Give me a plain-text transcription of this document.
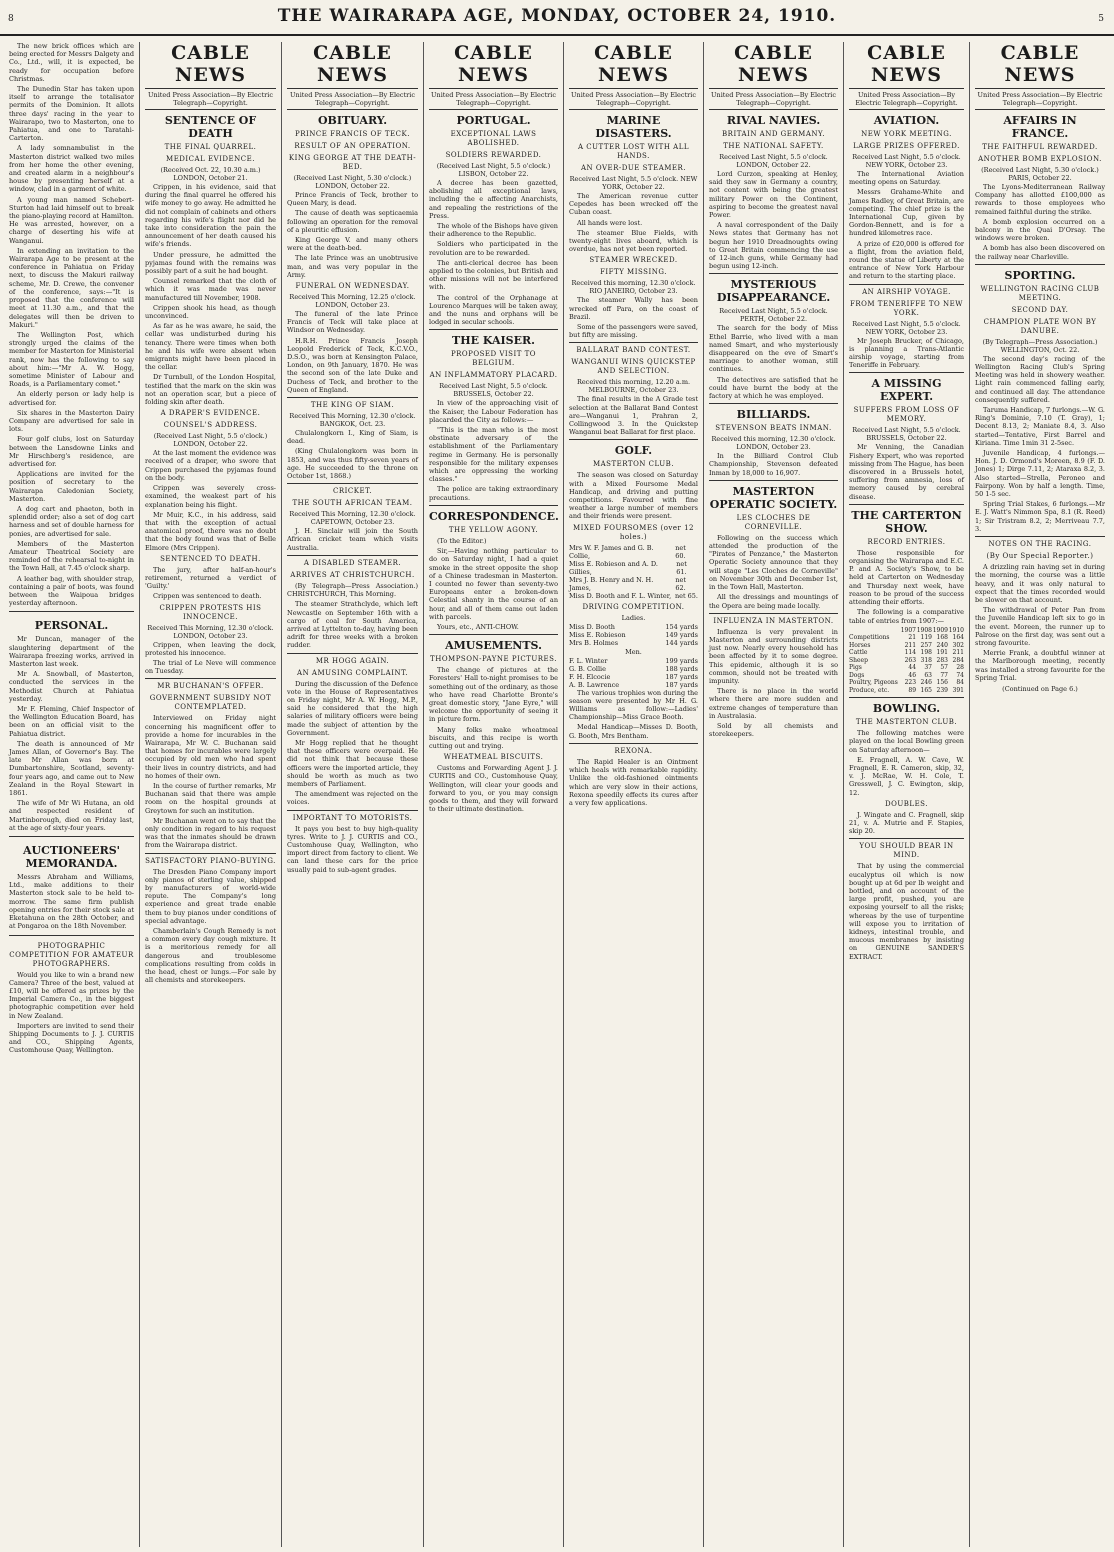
8	THE WAIRARAPA AGE, MONDAY, OCTOBER 24, 1910.	5

The new brick offices which are being erected for Messrs Dalgety and Co., Ltd., will, it is expected, be ready for occupation before Christmas.

The Dunedin Star has taken upon itself to arrange the totalisator permits of the Dominion. It allots three days' racing in the year to Wairarapo, two to Masterton, one to Pahiatua, and one to Taratahi-Carterton.

A lady somnambulist in the Masterton district walked two miles from her home the other evening, and created alarm in a neighbour's house by presenting herself at a window, clad in a garment of white.

A young man named Schebert-Sturton had laid himself out to break the piano-playing record at Hamilton. He was arrested, however, on a charge of deserting his wife at Wanganui.

In extending an invitation to the Wairarapa Age to be present at the conference in Pahiatua on Friday next, to discuss the Makuri railway scheme, Mr. D. Crewe, the convener of the conference, says:—"It is proposed that the conference will meet at 11.30 a.m., and that the delegates will then be driven to Makuri."

The Wellington Post, which strongly urged the claims of the member for Masterton for Ministerial rank, now has the following to say about him:—"Mr A. W. Hogg, sometime Minister of Labour and Roads, is a Parliamentary comet."

An elderly person or lady help is advertised for.

Six shares in the Masterton Dairy Company are advertised for sale in lots.

Four golf clubs, lost on Saturday between the Lansdowne Links and Mr Hirschberg's residence, are advertised for.

Applications are invited for the position of secretary to the Wairarapa Caledonian Society, Masterton.

A dog cart and phaeton, both in splendid order; also a set of dog cart harness and set of double harness for ponies, are advertised for sale.

Members of the Masterton Amateur Theatrical Society are reminded of the rehearsal to-night in the Town Hall, at 7.45 o'clock sharp.

A leather bag, with shoulder strap, containing a pair of boots, was found between the Waipoua bridges yesterday afternoon.

PERSONAL.

Mr Duncan, manager of the slaughtering department of the Wairarapa freezing works, arrived in Masterton last week.

Mr A. Snowball, of Masterton, conducted the services in the Methodist Church at Pahiatua yesterday.

Mr F. Fleming, Chief Inspector of the Wellington Education Board, has been on an official visit to the Pahiatua district.

The death is announced of Mr James Allan, of Governor's Bay. The late Mr Allan was born at Dumbartonshire, Scotland, seventy-four years ago, and came out to New Zealand in the Royal Stewart in 1861.

The wife of Mr Wi Hutana, an old and respected resident of Martinborough, died on Friday last, at the age of sixty-four years.

AUCTIONEERS' MEMORANDA.

Messrs Abraham and Williams, Ltd., make additions to their Masterton stock sale to be held to-morrow. The same firm publish opening entries for their stock sale at Eketahuna on the 28th October, and at Pongaroa on the 18th November.

PHOTOGRAPHIC COMPETITION FOR AMATEUR PHOTOGRAPHERS.

Would you like to win a brand new Camera? Three of the best, valued at £10, will be offered as prizes by the Imperial Camera Co., in the biggest photographic competition ever held in New Zealand.

Importers are invited to send their Shipping Documents to J. J. CURTIS and CO., Shipping Agents, Customhouse Quay, Wellington.

CABLE NEWS
United Press Association—By Electric Telegraph—Copyright.
SENTENCE OF DEATH
THE FINAL QUARREL.
MEDICAL EVIDENCE.
(Received Oct. 22, 10.30 a.m.) LONDON, October 21.

Crippen, in his evidence, said that during the final quarrel he offered his wife money to go away. He admitted he did not complain of cabinets and others regarding his wife's flight nor did he take into consideration the pain the announcement of her death caused his wife's friends.

Under pressure, he admitted the pyjamas found with the remains was possibly part of a suit he had bought.

Counsel remarked that the cloth of which it was made was never manufactured till November, 1908.

Crippen shook his head, as though unconvinced.

As far as he was aware, he said, the cellar was undisturbed during his tenancy. There were times when both he and his wife were absent when emigrants might have been placed in the cellar.

Dr Turnbull, of the London Hospital, testified that the mark on the skin was not an operation scar, but a piece of folding skin after death.

A DRAPER'S EVIDENCE.
COUNSEL'S ADDRESS.
(Received Last Night, 5.5 o'clock.) LONDON, October 22.

At the last moment the evidence was received of a draper, who swore that Crippen purchased the pyjamas found on the body.

Crippen was severely cross-examined, the weakest part of his explanation being his flight.

Mr Muir, K.C., in his address, said that with the exception of actual anatomical proof, there was no doubt that the body found was that of Belle Elmore (Mrs Crippen).

SENTENCED TO DEATH.

The jury, after half-an-hour's retirement, returned a verdict of 'Guilty.'

Crippen was sentenced to death.

CRIPPEN PROTESTS HIS INNOCENCE.
Received This Morning, 12.30 o'clock. LONDON, October 23.

Crippen, when leaving the dock, protested his innocence.

The trial of Le Neve will commence on Tuesday.

MR BUCHANAN'S OFFER.
GOVERNMENT SUBSIDY NOT CONTEMPLATED.

Interviewed on Friday night concerning his magnificent offer to provide a home for incurables in the Wairarapa, Mr W. C. Buchanan said that homes for incurables were largely occupied by old men who had spent their lives in country districts, and had no homes of their own.

In the course of further remarks, Mr Buchanan said that there was ample room on the hospital grounds at Greytown for such an institution.

Mr Buchanan went on to say that the only condition in regard to his request was that the inmates should be drawn from the Wairarapa district.

SATISFACTORY PIANO-BUYING.

The Dresden Piano Company import only pianos of sterling value, shipped by manufacturers of world-wide repute. The Company's long experience and great trade enable them to buy pianos under conditions of special advantage.

Chamberlain's Cough Remedy is not a common every day cough mixture. It is a meritorious remedy for all dangerous and troublesome complications resulting from colds in the head, chest or lungs.—For sale by all chemists and storekeepers.

CABLE NEWS
United Press Association—By Electric Telegraph—Copyright.
OBITUARY.
PRINCE FRANCIS OF TECK.
RESULT OF AN OPERATION.
KING GEORGE AT THE DEATH-BED.
(Received Last Night, 5.30 o'clock.) LONDON, October 22.

Prince Francis of Teck, brother to Queen Mary, is dead.

The cause of death was septicaemia following an operation for the removal of a pleuritic effusion.

King George V. and many others were at the death-bed.

The late Prince was an unobtrusive man, and was very popular in the Army.

FUNERAL ON WEDNESDAY.
Received This Morning, 12.25 o'clock. LONDON, October 23.

The funeral of the late Prince Francis of Teck will take place at Windsor on Wednesday.

H.R.H. Prince Francis Joseph Leopold Frederick of Teck, K.C.V.O., D.S.O., was born at Kensington Palace, London, on 9th January, 1870. He was the second son of the late Duke and Duchess of Teck, and brother to the Queen of England.

THE KING OF SIAM.
Received This Morning, 12.30 o'clock. BANGKOK, Oct. 23.

Chulalongkorn I., King of Siam, is dead.

(King Chulalongkorn was born in 1853, and was thus fifty-seven years of age. He succeeded to the throne on October 1st, 1868.)

CRICKET.
THE SOUTH AFRICAN TEAM.
Received This Morning, 12.30 o'clock. CAPETOWN, October 23.

J. H. Sinclair will join the South African cricket team which visits Australia.

A DISABLED STEAMER.
ARRIVES AT CHRISTCHURCH.

(By Telegraph—Press Association.) CHRISTCHURCH, This Morning.

The steamer Strathclyde, which left Newcastle on September 16th with a cargo of coal for South America, arrived at Lyttelton to-day, having been adrift for three weeks with a broken rudder.

MR HOGG AGAIN.
AN AMUSING COMPLAINT.

During the discussion of the Defence vote in the House of Representatives on Friday night, Mr A. W. Hogg, M.P., said he considered that the high salaries of military officers were being made the subject of attention by the Government.

Mr Hogg replied that he thought that these officers were overpaid. He did not think that because these officers were the imported article, they should be worth as much as two members of Parliament.

The amendment was rejected on the voices.

IMPORTANT TO MOTORISTS.

It pays you best to buy high-quality tyres. Write to J. J. CURTIS and CO., Customhouse Quay, Wellington, who import direct from factory to client. We can land these cars for the price usually paid to sub-agent grades.

CABLE NEWS
United Press Association—By Electric Telegraph—Copyright.
PORTUGAL.
EXCEPTIONAL LAWS ABOLISHED.
SOLDIERS REWARDED.
(Received Last Night, 5.5 o'clock.) LISBON, October 22.

A decree has been gazetted, abolishing all exceptional laws, including the e affecting Anarchists, and repealing the restrictions of the Press.

The whole of the Bishops have given their adherence to the Republic.

Soldiers who participated in the revolution are to be rewarded.

The anti-clerical decree has been applied to the colonies, but British and other missions will not be interfered with.

The control of the Orphanage at Lourenco Marques will be taken away, and the nuns and orphans will be lodged in secular schools.

THE KAISER.
PROPOSED VISIT TO BELGIUM.
AN INFLAMMATORY PLACARD.
Received Last Night, 5.5 o'clock. BRUSSELS, October 22.

In view of the approaching visit of the Kaiser, the Labour Federation has placarded the City as follows:—

"This is the man who is the most obstinate adversary of the establishment of the Parliamentary regime in Germany. He is personally responsible for the military expenses which are oppressing the working classes."

The police are taking extraordinary precautions.

CORRESPONDENCE.
THE YELLOW AGONY.

(To the Editor.)

Sir,—Having nothing particular to do on Saturday night, I had a quiet smoke in the street opposite the shop of a Chinese tradesman in Masterton. I counted no fewer than seventy-two Europeans enter a broken-down Celestial shanty in the course of an hour, and all of them came out laden with parcels.

Yours, etc., ANTI-CHOW.

AMUSEMENTS.
THOMPSON-PAYNE PICTURES.

The change of pictures at the Foresters' Hall to-night promises to be something out of the ordinary, as those who have read Charlotte Bronte's great domestic story, "Jane Eyre," will welcome the opportunity of seeing it in picture form.

Many folks make wheatmeal biscuits, and this recipe is worth cutting out and trying.

WHEATMEAL BISCUITS.

Customs and Forwarding Agent J. J. CURTIS and CO., Customhouse Quay, Wellington, will clear your goods and forward to you, or you may consign goods to them, and they will forward to their ultimate destination.

CABLE NEWS
United Press Association—By Electric Telegraph—Copyright.
MARINE DISASTERS.
A CUTTER LOST WITH ALL HANDS.
AN OVER-DUE STEAMER.
Received Last Night, 5.5 o'clock. NEW YORK, October 22.

The American revenue cutter Cepedes has been wrecked off the Cuban coast.

All hands were lost.

The steamer Blue Fields, with twenty-eight lives aboard, which is overdue, has not yet been reported.

STEAMER WRECKED.
FIFTY MISSING.
Received this morning, 12.30 o'clock. RIO JANEIRO, October 23.

The steamer Wally has been wrecked off Para, on the coast of Brazil.

Some of the passengers were saved, but fifty are missing.

BALLARAT BAND CONTEST.
WANGANUI WINS QUICKSTEP AND SELECTION.
Received this morning, 12.20 a.m. MELBOURNE, October 23.

The final results in the A Grade test selection at the Ballarat Band Contest are—Wanganui 1, Prahran 2, Collingwood 3. In the Quickstep Wanganui beat Ballarat for first place.

GOLF.
MASTERTON CLUB.

The season was closed on Saturday with a Mixed Foursome Medal Handicap, and driving and putting competitions. Favoured with fine weather a large number of members and their friends were present.

MIXED FOURSOMES (over 12 holes.)
Mrs W. F. James and G. B. Collie,
net 60.
Miss E. Robieson and A. D. Gillies,
net 61.
Mrs J. B. Henry and N. H. James,
net 62.
Miss D. Booth and F. L. Winter, net 65.
DRIVING COMPETITION.
Ladies.
Miss D. Booth	154 yards
Miss E. Robieson	149 yards
Mrs B. Holmes	144 yards
Men.
F. L. Winter	199 yards
G. B. Collie	188 yards
F. H. Elcocie	187 yards
A. B. Lawrence	187 yards

The various trophies won during the season were presented by Mr H. G. Williams as follow:—Ladies' Championship—Miss Grace Booth.

Medal Handicap—Misses D. Booth, G. Booth, Mrs Bentham.

REXONA.

The Rapid Healer is an Ointment which heals with remarkable rapidity. Unlike the old-fashioned ointments which are very slow in their actions, Rexona speedily effects its cures after a very few applications.

CABLE NEWS
United Press Association—By Electric Telegraph—Copyright.
RIVAL NAVIES.
BRITAIN AND GERMANY.
THE NATIONAL SAFETY.
Received Last Night, 5.5 o'clock. LONDON, October 22.

Lord Curzon, speaking at Henley, said they saw in Germany a country, not content with being the greatest military Power on the Continent, aspiring to become the greatest naval Power.

A naval correspondent of the Daily News states that Germany has not begun her 1910 Dreadnoughts owing to Great Britain commencing the use of 12-inch guns, while Germany had begun using 12-inch.

MYSTERIOUS DISAPPEARANCE.
Received Last Night, 5.5 o'clock. PERTH, October 22.

The search for the body of Miss Ethel Barrie, who lived with a man named Smart, and who mysteriously disappeared on the eve of Smart's marriage to another woman, still continues.

The detectives are satisfied that he could have burnt the body at the factory at which he was employed.

BILLIARDS.
STEVENSON BEATS INMAN.
Received this morning, 12.30 o'clock. LONDON, October 23.

In the Billiard Control Club Championship, Stevenson defeated Inman by 18,000 to 16,907.

MASTERTON OPERATIC SOCIETY.
LES CLOCHES DE CORNEVILLE.

Following on the success which attended the production of the "Pirates of Penzance," the Masterton Operatic Society announce that they will stage "Les Cloches de Corneville" on November 30th and December 1st, in the Town Hall, Masterton.

All the dressings and mountings of the Opera are being made locally.

INFLUENZA IN MASTERTON.

Influenza is very prevalent in Masterton and surrounding districts just now. Nearly every household has been affected by it to some degree. This epidemic, although it is so common, should not be treated with impunity.

There is no place in the world where there are more sudden and extreme changes of temperature than in Australasia.

Sold by all chemists and storekeepers.

CABLE NEWS
United Press Association—By Electric Telegraph—Copyright.
AVIATION.
NEW YORK MEETING.
LARGE PRIZES OFFERED.
Received Last Night, 5.5 o'clock. NEW YORK, October 23.

The International Aviation meeting opens on Saturday.

Messrs Grahame-White and James Radley, of Great Britain, are competing. The chief prize is the International Cup, given by Gordon-Bennett, and is for a hundred kilometres race.

A prize of £20,000 is offered for a flight, from the aviation field, round the statue of Liberty at the entrance of New York Harbour and return to the starting place.

AN AIRSHIP VOYAGE.
FROM TENERIFFE TO NEW YORK.
Received Last Night, 5.5 o'clock. NEW YORK, October 23.

Mr Joseph Brucker, of Chicago, is planning a Trans-Atlantic airship voyage, starting from Teneriffe in February.

A MISSING EXPERT.
SUFFERS FROM LOSS OF MEMORY.
Received Last Night, 5.5 o'clock. BRUSSELS, October 22.

Mr Venning, the Canadian Fishery Expert, who was reported missing from The Hague, has been discovered in a Brussels hotel, suffering from amnesia, loss of memory caused by cerebral disease.

THE CARTERTON SHOW.
RECORD ENTRIES.

Those responsible for organising the Wairarapa and E.C. P. and A. Society's Show, to be held at Carterton on Wednesday and Thursday next week, have reason to be proud of the success attending their efforts.

The following is a comparative table of entries from 1907:—

	1907	1908	1909	1910
Competitions	21	119	168	164
Horses	211	257	240	302
Cattle	114	198	191	211
Sheep	263	318	283	284
Pigs	44	37	57	28
Dogs	46	63	77	74
Poultry, Pigeons	223	246	156	84
Produce, etc.	89	165	239	391
BOWLING.
THE MASTERTON CLUB.

The following matches were played on the local Bowling green on Saturday afternoon—

E. Fragnell, A. W. Cave, W. Fragnell, E. R. Cameron, skip, 32, v. J. McRae, W. H. Cole, T. Gresswell, J. C. Ewington, skip, 12.

DOUBLES.

J. Wingate and C. Fragnell, skip 21, v. A. Mutrie and F. Stapies, skip 20.

YOU SHOULD BEAR IN MIND.

That by using the commercial eucalyptus oil which is now bought up at 6d per lb weight and bottled, and on account of the large profit, pushed, you are exposing yourself to all the risks; whereas by the use of turpentine will expose you to irritation of kidneys, intestinal trouble, and mucous membranes by insisting on GENUINE SANDER'S EXTRACT.

CABLE NEWS
United Press Association—By Electric Telegraph—Copyright.
AFFAIRS IN FRANCE.
THE FAITHFUL REWARDED.
ANOTHER BOMB EXPLOSION.
(Received Last Night, 5.30 o'clock.) PARIS, October 22.

The Lyons-Mediterranean Railway Company has allotted £100,000 as rewards to those employees who remained faithful during the strike.

A bomb explosion occurred on a balcony in the Quai D'Orsay. The windows were broken.

A bomb has also been discovered on the railway near Charleville.

SPORTING.
WELLINGTON RACING CLUB MEETING.
SECOND DAY.
CHAMPION PLATE WON BY DANUBE.
(By Telegraph—Press Association.) WELLINGTON, Oct. 22.

The second day's racing of the Wellington Racing Club's Spring Meeting was held in showery weather. Light rain commenced falling early, and continued all day. The attendance consequently suffered.

Taruma Handicap, 7 furlongs.—W. G. Ring's Dominie, 7.10 (T. Gray), 1; Decent 8.13, 2; Maniate 8.4, 3. Also started—Tentative, First Barrel and Kiriana. Time 1min 31 2-5sec.

Juvenile Handicap, 4 furlongs.—Hon. J. D. Ormond's Moreen, 8.9 (F. D. Jones) 1; Dirge 7.11, 2; Ataraxa 8.2, 3. Also started—Strella, Peroneo and Fairpony. Won by half a length. Time, 50 1-5 sec.

Spring Trial Stakes, 6 furlongs.—Mr E. J. Watt's Nimmon Spa, 8.1 (R. Reed) 1; Sir Tristram 8.2, 2; Merriveau 7.7, 3.

NOTES ON THE RACING.
(By Our Special Reporter.)

A drizzling rain having set in during the morning, the course was a little heavy, and it was only natural to expect that the times recorded would be slower on that account.

The withdrawal of Peter Pan from the Juvenile Handicap left six to go in the event. Moreen, the runner up to Palrose on the first day, was sent out a strong favourite.

Merrie Frank, a doubtful winner at the Marlborough meeting, recently was installed a strong favourite for the Spring Trial.

(Continued on Page 6.)
